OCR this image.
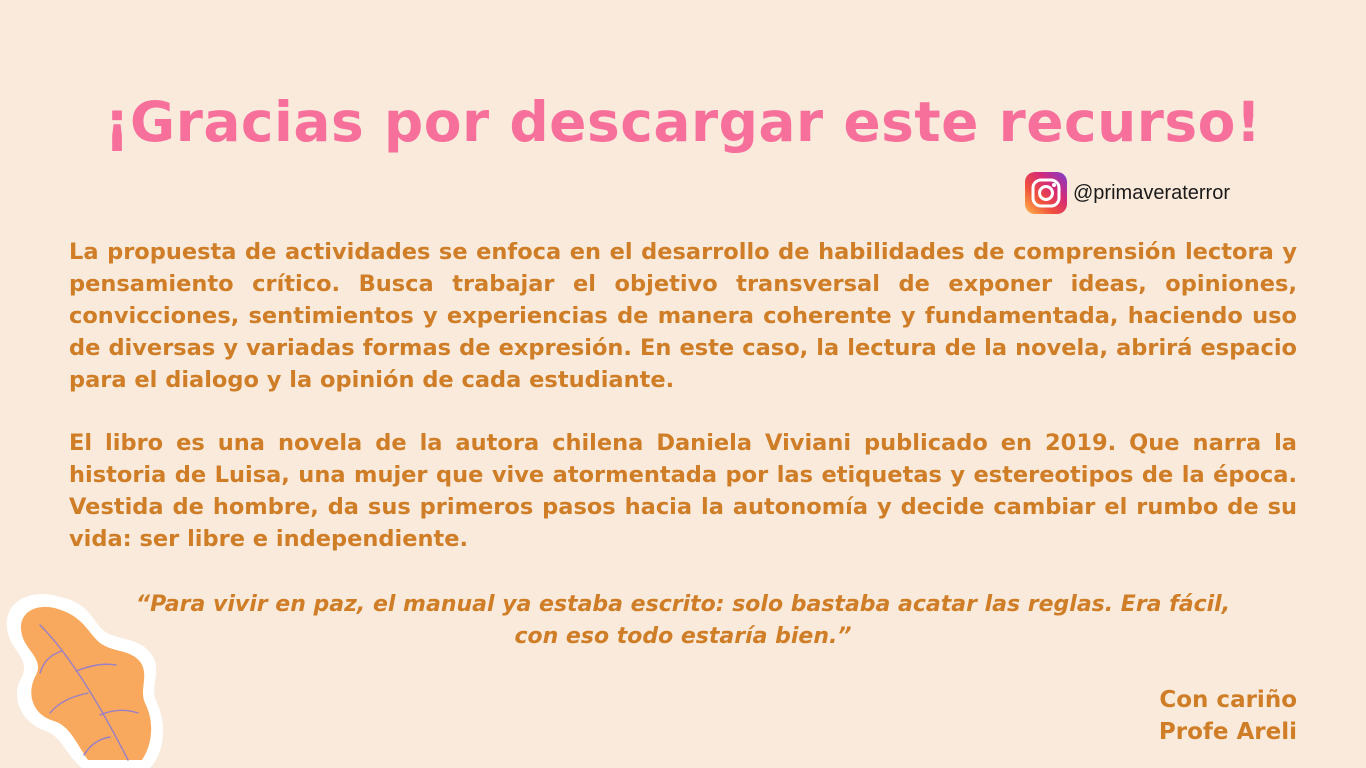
¡Gracias por descargar este recurso!
@primaveraterror

La propuesta de actividades se enfoca en el desarrollo de habilidades de comprensión lectora y pensamiento crítico. Busca trabajar el objetivo transversal de exponer ideas, opiniones, convicciones, sentimientos y experiencias de manera coherente y fundamentada, haciendo uso de diversas y variadas formas de expresión. En este caso, la lectura de la novela, abrirá espacio para el dialogo y la opinión de cada estudiante.

El libro es una novela de la autora chilena Daniela Viviani publicado en 2019. Que narra la historia de Luisa, una mujer que vive atormentada por las etiquetas y estereotipos de la época. Vestida de hombre, da sus primeros pasos hacia la autonomía y decide cambiar el rumbo de su vida: ser libre e independiente.

“Para vivir en paz, el manual ya estaba escrito: solo bastaba acatar las reglas. Era fácil,
con eso todo estaría bien.”
Con cariño
Profe Areli
